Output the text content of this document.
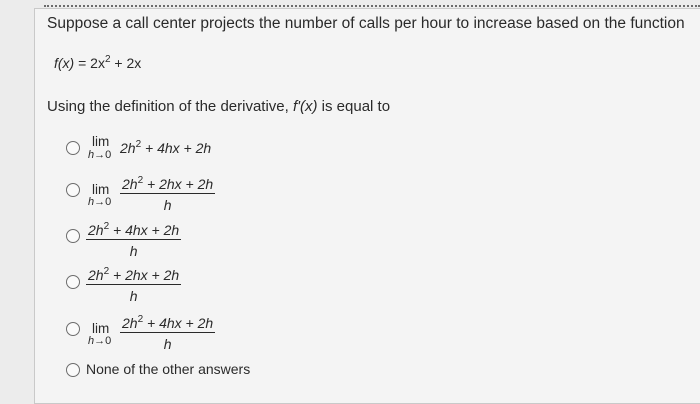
Suppose a call center projects the number of calls per hour to increase based on the function
$f(x) = 2x^2 + 2x$
Using the definition of the derivative, f'(x) is equal to
lim
h→0 $2h^2 + 4hx + 2h$
lim
$h\to 0 \frac{2h^2 + 2hx + 2h}{h}$
$\frac{2h^2 + 4hx + 2h}{h}$
$\frac{2h^2 + 2hx + 2h}{h}$
lim
$h\to 0 \frac{2h^2 + 4hx + 2h}{h}$
None of the other answers
